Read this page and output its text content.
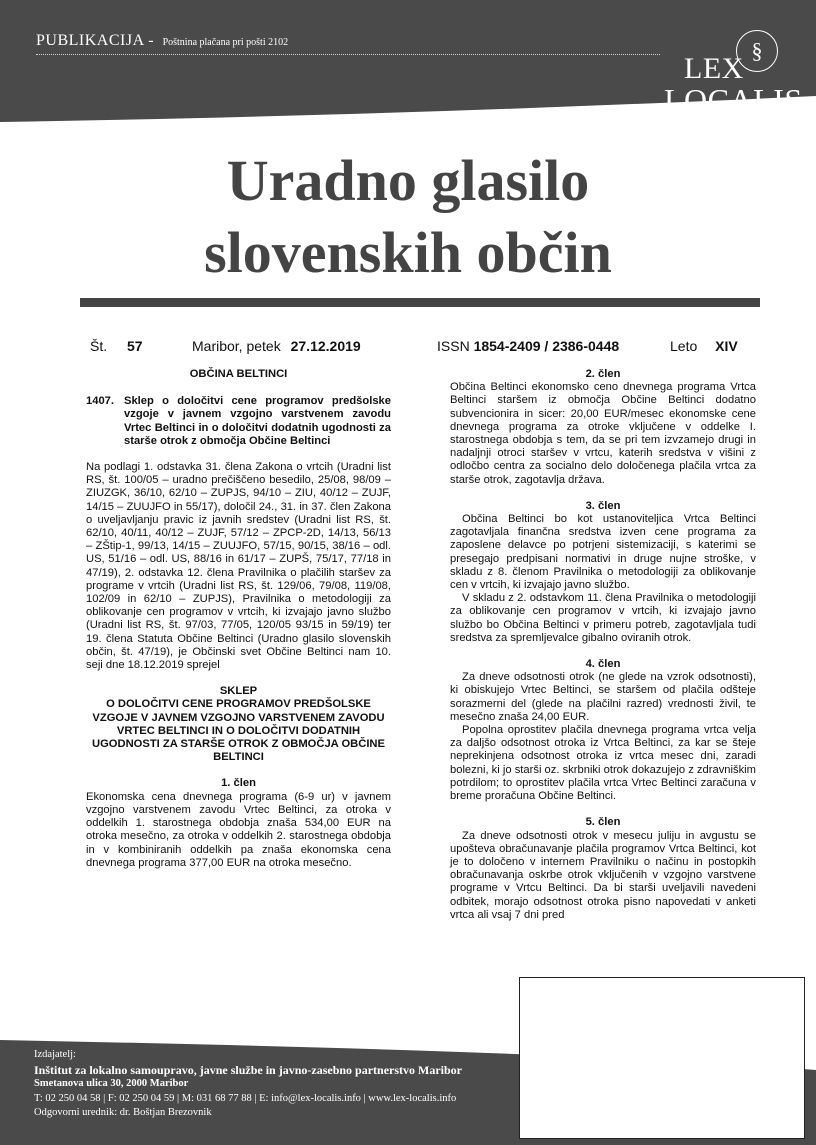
PUBLIKACIJA - Poštnina plačana pri pošti 2102	§
LEX
LOCALIS
Uradno glasilo
slovenskih občin
Št. 57	Maribor, petek 27.12.2019	ISSN 1854-2409 / 2386-0448	Leto XIV
OBČINA BELTINCI
1407. Sklep o določitvi cene programov predšolske vzgoje v javnem vzgojno varstvenem zavodu Vrtec Beltinci in o določitvi dodatnih ugodnosti za starše otrok z območja Občine Beltinci
Na podlagi 1. odstavka 31. člena Zakona o vrtcih (Uradni list RS, št. 100/05 – uradno prečiščeno besedilo, 25/08, 98/09 – ZIUZGK, 36/10, 62/10 – ZUPJS, 94/10 – ZIU, 40/12 – ZUJF, 14/15 – ZUUJFO in 55/17), določil 24., 31. in 37. člen Zakona o uveljavljanju pravic iz javnih sredstev (Uradni list RS, št. 62/10, 40/11, 40/12 – ZUJF, 57/12 – ZPCP-2D, 14/13, 56/13 – ZŠtip-1, 99/13, 14/15 – ZUUJFO, 57/15, 90/15, 38/16 – odl. US, 51/16 – odl. US, 88/16 in 61/17 – ZUPŠ, 75/17, 77/18 in 47/19), 2. odstavka 12. člena Pravilnika o plačilih staršev za programe v vrtcih (Uradni list RS, št. 129/06, 79/08, 119/08, 102/09 in 62/10 – ZUPJS), Pravilnika o metodologiji za oblikovanje cen programov v vrtcih, ki izvajajo javno službo (Uradni list RS, št. 97/03, 77/05, 120/05 93/15 in 59/19) ter 19. člena Statuta Občine Beltinci (Uradno glasilo slovenskih občin, št. 47/19), je Občinski svet Občine Beltinci nam 10. seji dne 18.12.2019 sprejel
SKLEP
O DOLOČITVI CENE PROGRAMOV PREDŠOLSKE VZGOJE V JAVNEM VZGOJNO VARSTVENEM ZAVODU VRTEC BELTINCI IN O DOLOČITVI DODATNIH UGODNOSTI ZA STARŠE OTROK Z OBMOČJA OBČINE BELTINCI
1. člen
Ekonomska cena dnevnega programa (6-9 ur) v javnem vzgojno varstvenem zavodu Vrtec Beltinci, za otroka v oddelkih 1. starostnega obdobja znaša 534,00 EUR na otroka mesečno, za otroka v oddelkih 2. starostnega obdobja in v kombiniranih oddelkih pa znaša ekonomska cena dnevnega programa 377,00 EUR na otroka mesečno.
2. člen
Občina Beltinci ekonomsko ceno dnevnega programa Vrtca Beltinci staršem iz območja Občine Beltinci dodatno subvencionira in sicer: 20,00 EUR/mesec ekonomske cene dnevnega programa za otroke vključene v oddelke I. starostnega obdobja s tem, da se pri tem izvzamejo drugi in nadaljnji otroci staršev v vrtcu, katerih sredstva v višini z odločbo centra za socialno delo določenega plačila vrtca za starše otrok, zagotavlja država.
3. člen
Občina Beltinci bo kot ustanoviteljica Vrtca Beltinci zagotavljala finančna sredstva izven cene programa za zaposlene delavce po potrjeni sistemizaciji, s katerimi se presegajo predpisani normativi in druge nujne stroške, v skladu z 8. členom Pravilnika o metodologiji za oblikovanje cen v vrtcih, ki izvajajo javno službo.
V skladu z 2. odstavkom 11. člena Pravilnika o metodologiji za oblikovanje cen programov v vrtcih, ki izvajajo javno službo bo Občina Beltinci v primeru potreb, zagotavljala tudi sredstva za spremljevalce gibalno oviranih otrok.
4. člen
Za dneve odsotnosti otrok (ne glede na vzrok odsotnosti), ki obiskujejo Vrtec Beltinci, se staršem od plačila odšteje sorazmerni del (glede na plačilni razred) vrednosti živil, te mesečno znaša 24,00 EUR.
Popolna oprostitev plačila dnevnega programa vrtca velja za daljšo odsotnost otroka iz Vrtca Beltinci, za kar se šteje neprekinjena odsotnost otroka iz vrtca mesec dni, zaradi bolezni, ki jo starši oz. skrbniki otrok dokazujejo z zdravniškim potrdilom; to oprostitev plačila vrtca Vrtec Beltinci zaračuna v breme proračuna Občine Beltinci.
5. člen
Za dneve odsotnosti otrok v mesecu juliju in avgustu se upošteva obračunavanje plačila programov Vrtca Beltinci, kot je to določeno v internem Pravilniku o načinu in postopkih obračunavanja oskrbe otrok vključenih v vzgojno varstvene programe v Vrtcu Beltinci. Da bi starši uveljavili navedeni odbitek, morajo odsotnost otroka pisno napovedati v anketi vrtca ali vsaj 7 dni pred
Izdajatelj:
Inštitut za lokalno samoupravo, javne službe in javno-zasebno partnerstvo Maribor
Smetanova ulica 30, 2000 Maribor
T: 02 250 04 58 | F: 02 250 04 59 | M: 031 68 77 88 | E: info@lex-localis.info | www.lex-localis.info
Odgovorni urednik: dr. Boštjan Brezovnik
